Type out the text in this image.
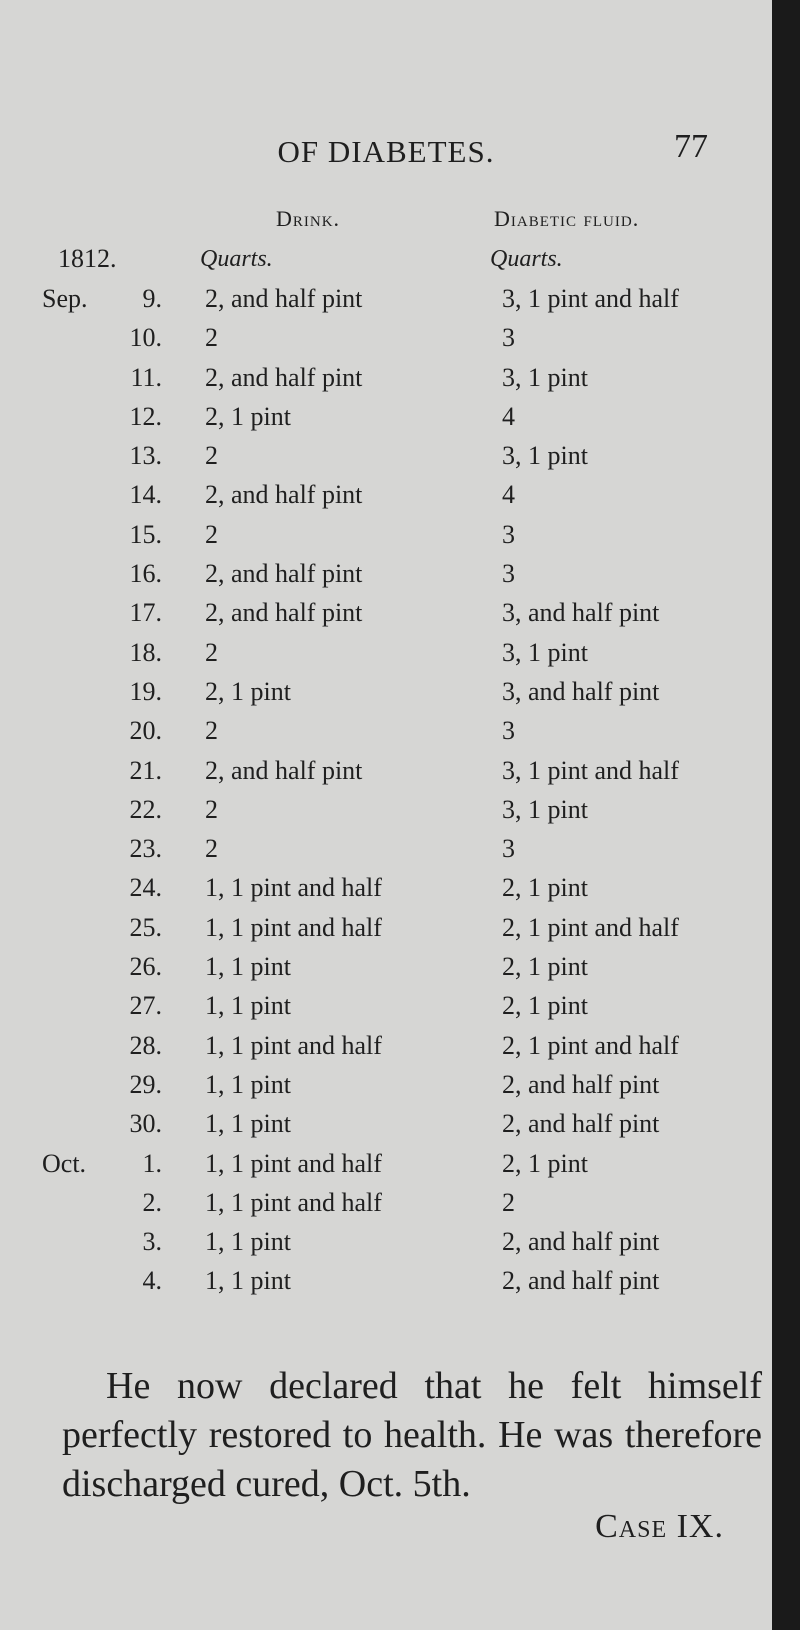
OF DIABETES.	77
Drink.	Diabetic fluid.
1812.	Quarts.	Quarts.
Sep.	9. 2, and half pint	3, 1 pint and half
10. 2	3
11. 2, and half pint	3, 1 pint
12. 2, 1 pint	4
13. 2	3, 1 pint
14. 2, and half pint	4
15. 2	3
16. 2, and half pint	3
17. 2, and half pint	3, and half pint
18. 2	3, 1 pint
19. 2, 1 pint	3, and half pint
20. 2	3
21. 2, and half pint	3, 1 pint and half
22. 2	3, 1 pint
23. 2	3
24. 1, 1 pint and half	2, 1 pint
25. 1, 1 pint and half	2, 1 pint and half
26. 1, 1 pint	2, 1 pint
27. 1, 1 pint	2, 1 pint
28. 1, 1 pint and half	2, 1 pint and half
29. 1, 1 pint	2, and half pint
30. 1, 1 pint	2, and half pint
Oct.	1. 1, 1 pint and half	2, 1 pint
2. 1, 1 pint and half	2
3. 1, 1 pint	2, and half pint
4. 1, 1 pint	2, and half pint
He now declared that he felt himself perfectly restored to health. He was therefore discharged cured, Oct. 5th.
Case IX.
